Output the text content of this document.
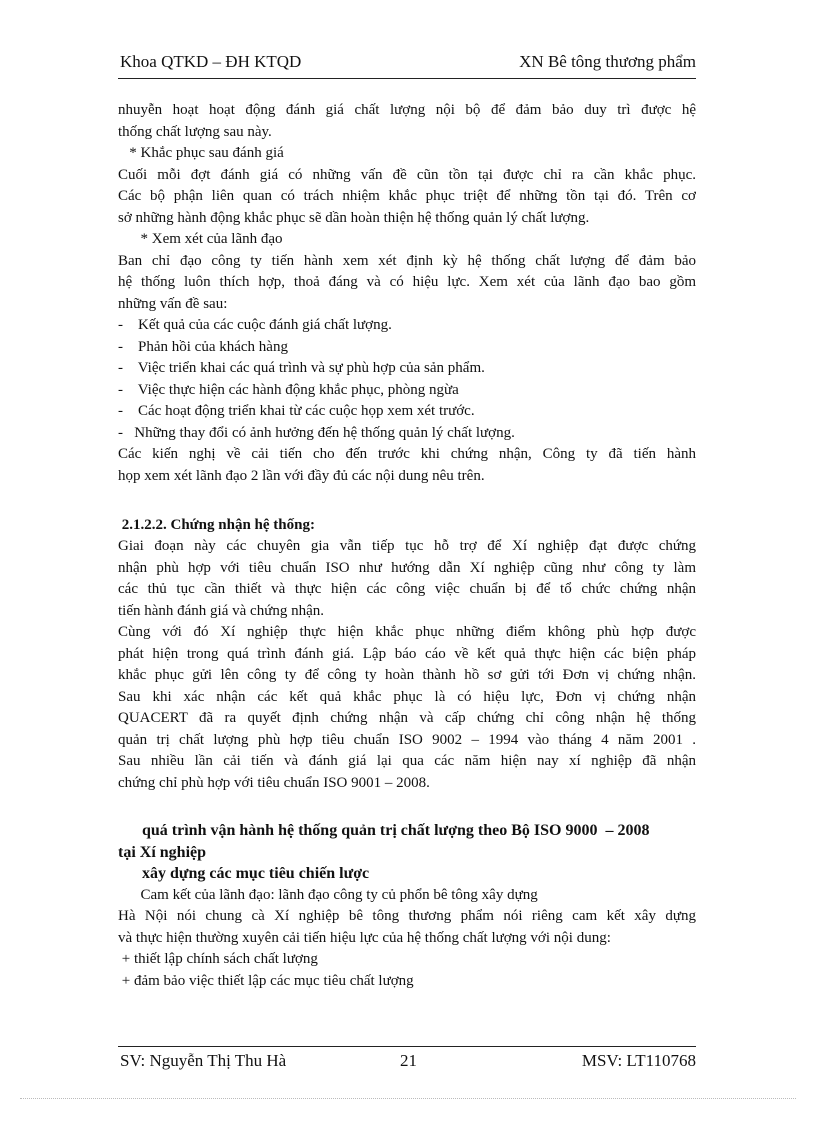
Khoa QTKD – ĐH KTQD	XN Bê tông thương phẩm
nhuyễn hoạt hoạt động đánh giá chất lượng nội bộ để đảm bảo duy trì được hệ
thống chất lượng sau này.
* Khắc phục sau đánh giá
Cuối mỗi đợt đánh giá có những vấn đề cũn tồn tại được chỉ ra cần khắc phục.
Các bộ phận liên quan có trách nhiệm khắc phục triệt để những tồn tại đó. Trên cơ
sở những hành động khắc phục sẽ dần hoàn thiện hệ thống quản lý chất lượng.
* Xem xét của lãnh đạo
Ban chỉ đạo công ty tiến hành xem xét định kỳ hệ thống chất lượng để đảm bảo
hệ thống luôn thích hợp, thoả đáng và có hiệu lực. Xem xét của lãnh đạo bao gồm
những vấn đề sau:
-    Kết quả của các cuộc đánh giá chất lượng.
-    Phản hồi của khách hàng
-    Việc triển khai các quá trình và sự phù hợp của sản phẩm.
-    Việc thực hiện các hành động khắc phục, phòng ngừa
-    Các hoạt động triển khai từ các cuộc họp xem xét trước.
-   Những thay đổi có ảnh hưởng đến hệ thống quản lý chất lượng.
Các kiến nghị về cải tiến cho đến trước khi chứng nhận, Công ty đã tiến hành
họp xem xét lãnh đạo 2 lần với đầy đủ các nội dung nêu trên.
2.1.2.2. Chứng nhận hệ thống:
Giai đoạn này các chuyên gia vẫn tiếp tục hỗ trợ để Xí nghiệp đạt được chứng
nhận phù hợp với tiêu chuẩn ISO như hướng dẫn Xí nghiệp cũng như công ty làm
các thủ tục cần thiết và thực hiện các công việc chuẩn bị để tổ chức chứng nhận
tiến hành đánh giá và chứng nhận.
Cùng với đó Xí nghiệp thực hiện khắc phục những điểm không phù hợp được
phát hiện trong quá trình đánh giá. Lập báo cáo về kết quả thực hiện các biện pháp
khắc phục gửi lên công ty để công ty hoàn thành hồ sơ gửi tới Đơn vị chứng nhận.
Sau khi xác nhận các kết quả khắc phục là có hiệu lực, Đơn vị chứng nhận
QUACERT đã ra quyết định chứng nhận và cấp chứng chỉ công nhận hệ thống
quản trị chất lượng phù hợp tiêu chuẩn ISO 9002 – 1994 vào tháng 4 năm 2001 .
Sau nhiều lần cải tiến và đánh giá lại qua các năm hiện nay xí nghiệp đã nhận
chứng chỉ phù hợp với tiêu chuẩn ISO 9001 – 2008.
quá trình vận hành hệ thống quản trị chất lượng theo Bộ ISO 9000  – 2008
tại Xí nghiệp
xây dựng các mục tiêu chiến lược
Cam kết của lãnh đạo: lãnh đạo công ty củ phổn bê tông xây dựng
Hà Nội nói chung cà Xí nghiệp bê tông thương phẩm nói riêng cam kết xây dựng
và thực hiện thường xuyên cải tiến hiệu lực của hệ thống chất lượng với nội dung:
+ thiết lập chính sách chất lượng
+ đảm bảo việc thiết lập các mục tiêu chất lượng
SV: Nguyễn Thị Thu Hà	21	MSV: LT110768
